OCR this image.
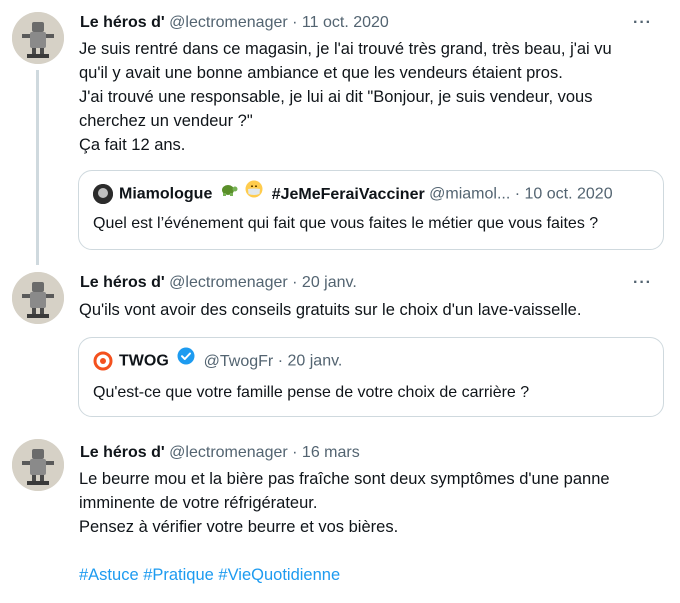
Le héros d' @lectromenager · 11 oct. 2020	···

Je suis rentré dans ce magasin, je l'ai trouvé très grand, très beau, j'ai vu

qu'il y avait une bonne ambiance et que les vendeurs étaient pros.

J'ai trouvé une responsable, je lui ai dit "Bonjour, je suis vendeur, vous

cherchez un vendeur ?"

Ça fait 12 ans.

Miamologue	#JeMeFeraiVacciner @miamol... · 10 oct. 2020
Quel est l’événement qui fait que vous faites le métier que vous faites ?
Le héros d' @lectromenager · 20 janv.	···

Qu'ils vont avoir des conseils gratuits sur le choix d'un lave-vaisselle.

TWOG @TwogFr · 20 janv.
Qu'est-ce que votre famille pense de votre choix de carrière ?
Le héros d' @lectromenager · 16 mars

Le beurre mou et la bière pas fraîche sont deux symptômes d'une panne

imminente de votre réfrigérateur.

Pensez à vérifier votre beurre et vos bières.

#Astuce #Pratique #VieQuotidienne
